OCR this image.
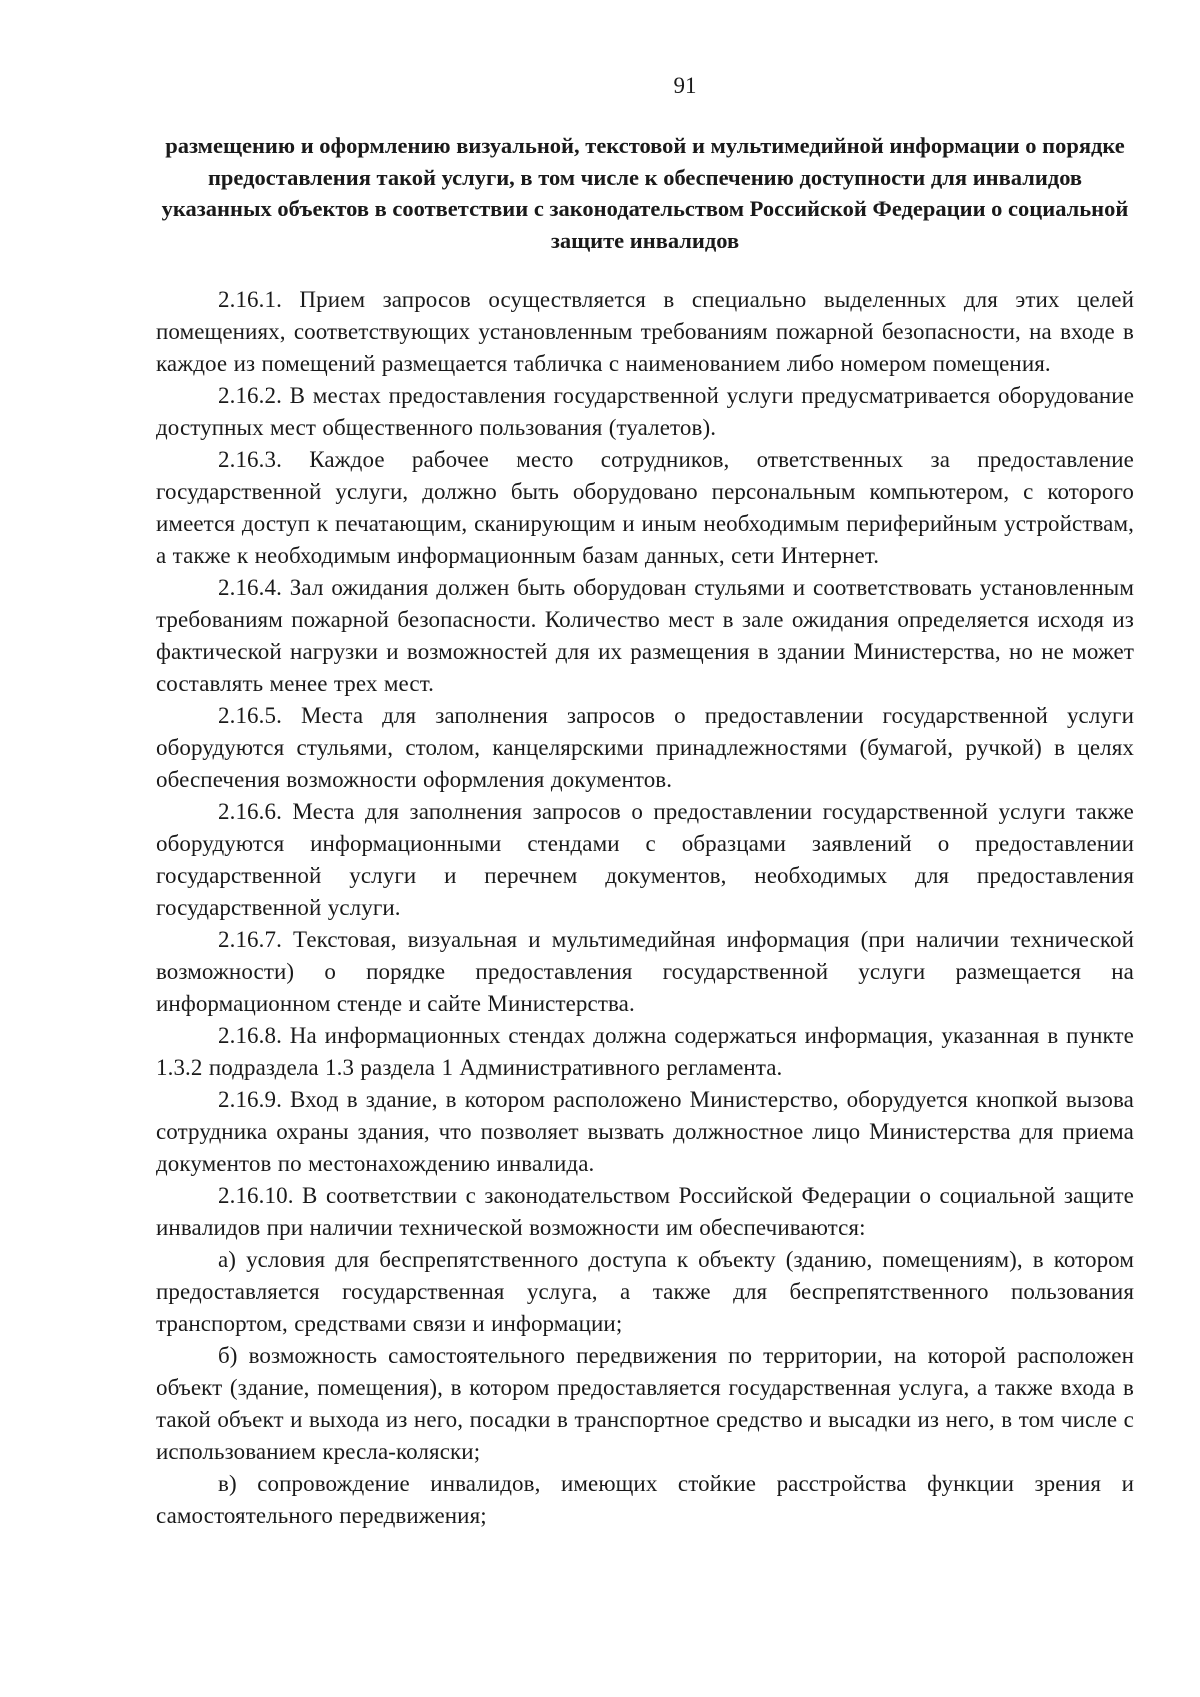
91

размещению и оформлению визуальной, текстовой и мультимедийной информации о порядке предоставления такой услуги, в том числе к обеспечению доступности для инвалидов указанных объектов в соответствии с законодательством Российской Федерации о социальной защите инвалидов

2.16.1. Прием запросов осуществляется в специально выделенных для этих целей помещениях, соответствующих установленным требованиям пожарной безопасности, на входе в каждое из помещений размещается табличка с наименованием либо номером помещения.

2.16.2. В местах предоставления государственной услуги предусматривается оборудование доступных мест общественного пользования (туалетов).

2.16.3. Каждое рабочее место сотрудников, ответственных за предоставление государственной услуги, должно быть оборудовано персональным компьютером, с которого имеется доступ к печатающим, сканирующим и иным необходимым периферийным устройствам, а также к необходимым информационным базам данных, сети Интернет.

2.16.4. Зал ожидания должен быть оборудован стульями и соответствовать установленным требованиям пожарной безопасности. Количество мест в зале ожидания определяется исходя из фактической нагрузки и возможностей для их размещения в здании Министерства, но не может составлять менее трех мест.

2.16.5. Места для заполнения запросов о предоставлении государственной услуги оборудуются стульями, столом, канцелярскими принадлежностями (бумагой, ручкой) в целях обеспечения возможности оформления документов.

2.16.6. Места для заполнения запросов о предоставлении государственной услуги также оборудуются информационными стендами с образцами заявлений о предоставлении государственной услуги и перечнем документов, необходимых для предоставления государственной услуги.

2.16.7. Текстовая, визуальная и мультимедийная информация (при наличии технической возможности) о порядке предоставления государственной услуги размещается на информационном стенде и сайте Министерства.

2.16.8. На информационных стендах должна содержаться информация, указанная в пункте 1.3.2 подраздела 1.3 раздела 1 Административного регламента.

2.16.9. Вход в здание, в котором расположено Министерство, оборудуется кнопкой вызова сотрудника охраны здания, что позволяет вызвать должностное лицо Министерства для приема документов по местонахождению инвалида.

2.16.10. В соответствии с законодательством Российской Федерации о социальной защите инвалидов при наличии технической возможности им обеспечиваются:

а) условия для беспрепятственного доступа к объекту (зданию, помещениям), в котором предоставляется государственная услуга, а также для беспрепятственного пользования транспортом, средствами связи и информации;

б) возможность самостоятельного передвижения по территории, на которой расположен объект (здание, помещения), в котором предоставляется государственная услуга, а также входа в такой объект и выхода из него, посадки в транспортное средство и высадки из него, в том числе с использованием кресла-коляски;

в) сопровождение инвалидов, имеющих стойкие расстройства функции зрения и самостоятельного передвижения;
